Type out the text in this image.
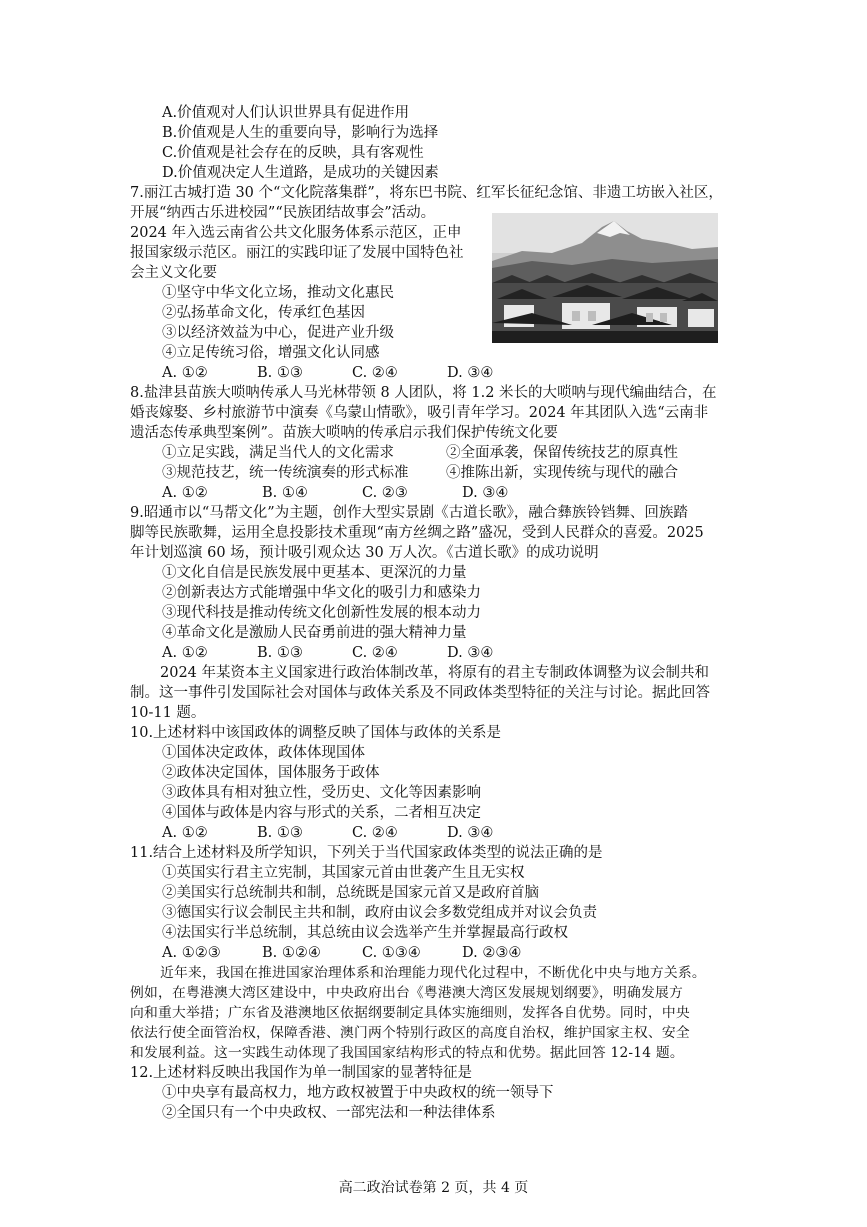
A.价值观对人们认识世界具有促进作用
B.价值观是人生的重要向导，影响行为选择
C.价值观是社会存在的反映，具有客观性
D.价值观决定人生道路，是成功的关键因素
7.丽江古城打造 30 个“文化院落集群”，将东巴书院、红军长征纪念馆、非遗工坊嵌入社区，
开展“纳西古乐进校园”“民族团结故事会”活动。
2024 年入选云南省公共文化服务体系示范区，正申
报国家级示范区。丽江的实践印证了发展中国特色社
会主义文化要
①坚守中华文化立场，推动文化惠民
②弘扬革命文化，传承红色基因
③以经济效益为中心，促进产业升级
④立足传统习俗，增强文化认同感
A. ①②	B. ①③	C. ②④	D. ③④
8.盐津县苗族大唢呐传承人马光林带领 8 人团队，将 1.2 米长的大唢呐与现代编曲结合，在
婚丧嫁娶、乡村旅游节中演奏《乌蒙山情歌》，吸引青年学习。2024 年其团队入选“云南非
遗活态传承典型案例”。苗族大唢呐的传承启示我们保护传统文化要
①立足实践，满足当代人的文化需求	②全面承袭，保留传统技艺的原真性
③规范技艺，统一传统演奏的形式标准	④推陈出新，实现传统与现代的融合
A. ①②	B. ①④	C. ②③	D. ③④
9.昭通市以“马帮文化”为主题，创作大型实景剧《古道长歌》，融合彝族铃铛舞、回族踏
脚等民族歌舞，运用全息投影技术重现“南方丝绸之路”盛况，受到人民群众的喜爱。2025
年计划巡演 60 场，预计吸引观众达 30 万人次。《古道长歌》的成功说明
①文化自信是民族发展中更基本、更深沉的力量
②创新表达方式能增强中华文化的吸引力和感染力
③现代科技是推动传统文化创新性发展的根本动力
④革命文化是激励人民奋勇前进的强大精神力量
A. ①②	B. ①③	C. ②④	D. ③④
2024 年某资本主义国家进行政治体制改革，将原有的君主专制政体调整为议会制共和
制。这一事件引发国际社会对国体与政体关系及不同政体类型特征的关注与讨论。据此回答
10-11 题。
10.上述材料中该国政体的调整反映了国体与政体的关系是
①国体决定政体，政体体现国体
②政体决定国体，国体服务于政体
③政体具有相对独立性，受历史、文化等因素影响
④国体与政体是内容与形式的关系，二者相互决定
A. ①②	B. ①③	C. ②④	D. ③④
11.结合上述材料及所学知识，下列关于当代国家政体类型的说法正确的是
①英国实行君主立宪制，其国家元首由世袭产生且无实权
②美国实行总统制共和制，总统既是国家元首又是政府首脑
③德国实行议会制民主共和制，政府由议会多数党组成并对议会负责
④法国实行半总统制，其总统由议会选举产生并掌握最高行政权
A. ①②③	B. ①②④	C. ①③④	D. ②③④
近年来，我国在推进国家治理体系和治理能力现代化过程中，不断优化中央与地方关系。
例如，在粤港澳大湾区建设中，中央政府出台《粤港澳大湾区发展规划纲要》，明确发展方
向和重大举措；广东省及港澳地区依据纲要制定具体实施细则，发挥各自优势。同时，中央
依法行使全面管治权，保障香港、澳门两个特别行政区的高度自治权，维护国家主权、安全
和发展利益。这一实践生动体现了我国国家结构形式的特点和优势。据此回答 12-14 题。
12.上述材料反映出我国作为单一制国家的显著特征是
①中央享有最高权力，地方政权被置于中央政权的统一领导下
②全国只有一个中央政权、一部宪法和一种法律体系
高二政治试卷第 2 页，共 4 页
